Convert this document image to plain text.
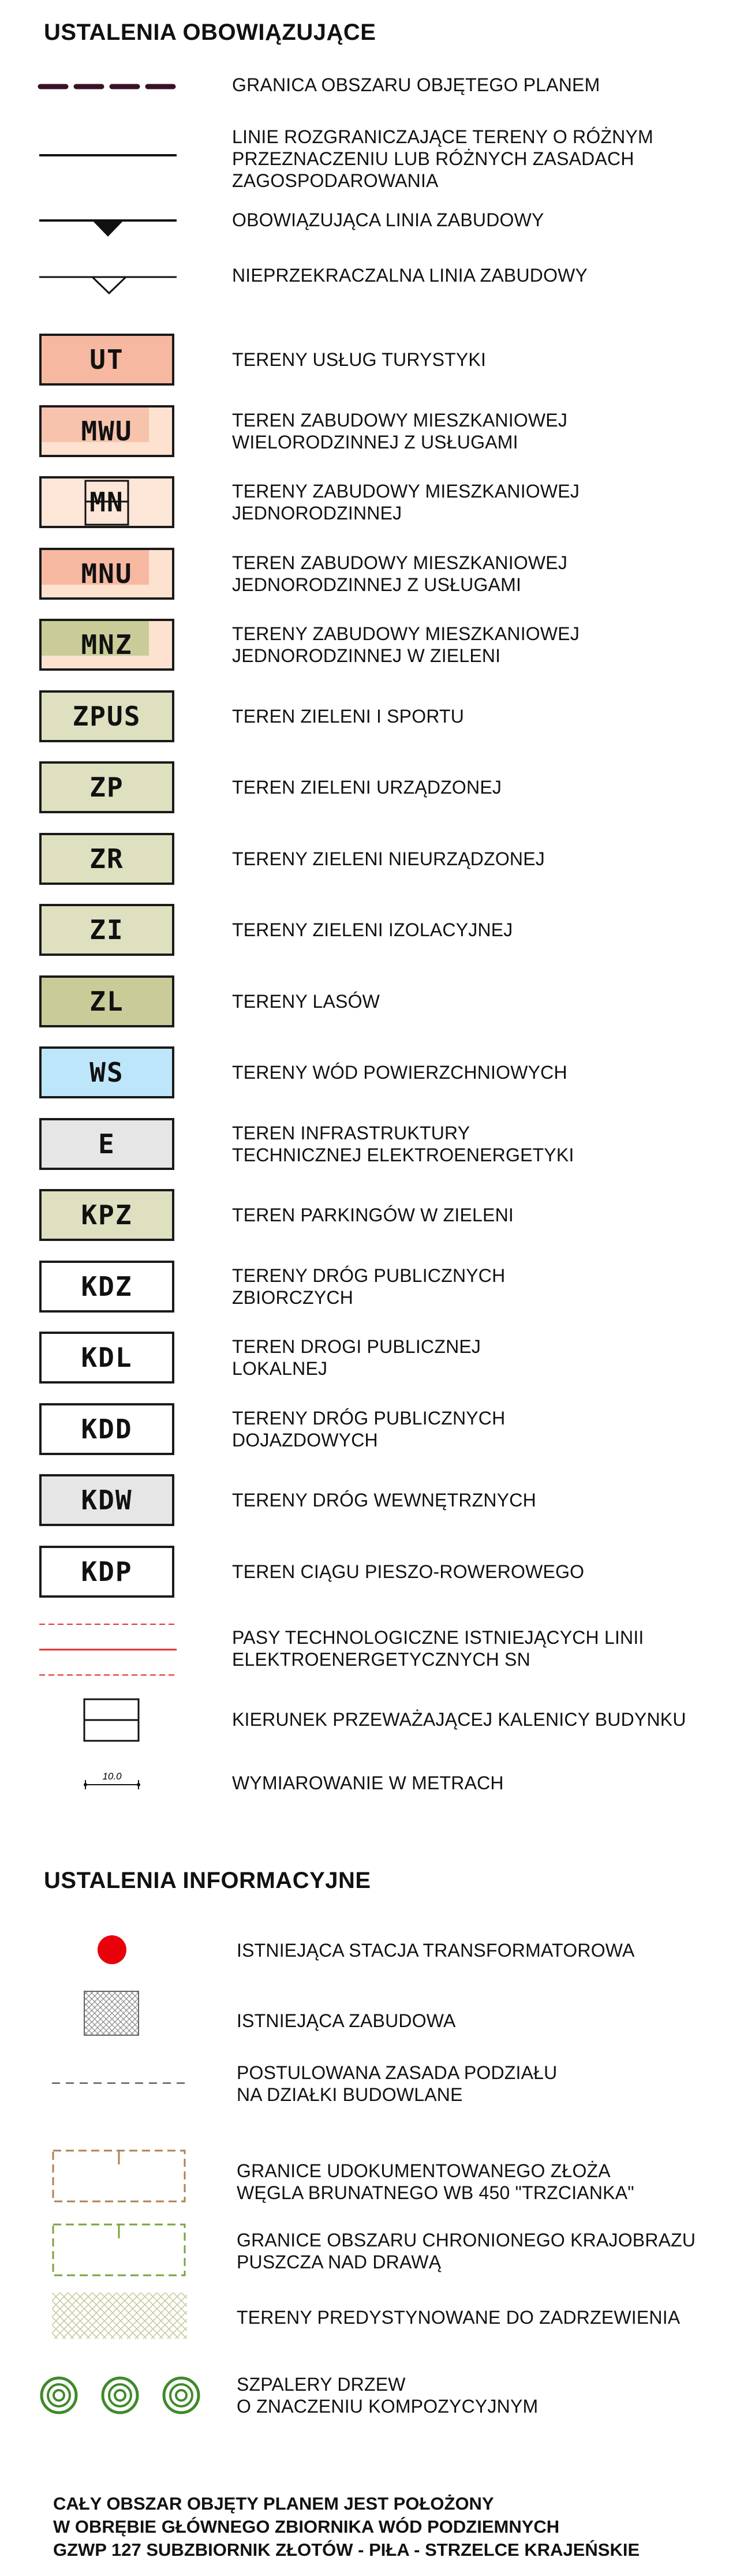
USTALENIA OBOWIĄZUJĄCE
GRANICA OBSZARU OBJĘTEGO PLANEM
LINIE ROZGRANICZAJĄCE TERENY O RÓŻNYM
PRZEZNACZENIU LUB RÓŻNYCH ZASADACH
ZAGOSPODAROWANIA
OBOWIĄZUJĄCA LINIA ZABUDOWY
NIEPRZEKRACZALNA LINIA ZABUDOWY
UT	TERENY USŁUG TURYSTYKI
MWU	TEREN ZABUDOWY MIESZKANIOWEJ
WIELORODZINNEJ Z USŁUGAMI
MN	TERENY ZABUDOWY MIESZKANIOWEJ
JEDNORODZINNEJ
MNU	TEREN ZABUDOWY MIESZKANIOWEJ
JEDNORODZINNEJ Z USŁUGAMI
MNZ	TERENY ZABUDOWY MIESZKANIOWEJ
JEDNORODZINNEJ W ZIELENI
ZPUS	TEREN ZIELENI I SPORTU
ZP	TEREN ZIELENI URZĄDZONEJ
ZR	TERENY ZIELENI NIEURZĄDZONEJ
ZI	TERENY ZIELENI IZOLACYJNEJ
ZL	TERENY LASÓW
WS	TERENY WÓD POWIERZCHNIOWYCH
E	TEREN INFRASTRUKTURY
TECHNICZNEJ ELEKTROENERGETYKI
KPZ	TEREN PARKINGÓW W ZIELENI
KDZ	TERENY DRÓG PUBLICZNYCH
ZBIORCZYCH
KDL	TEREN DROGI PUBLICZNEJ
LOKALNEJ
KDD	TERENY DRÓG PUBLICZNYCH
DOJAZDOWYCH
KDW	TERENY DRÓG WEWNĘTRZNYCH
KDP	TEREN CIĄGU PIESZO-ROWEROWEGO
PASY TECHNOLOGICZNE ISTNIEJĄCYCH LINII
ELEKTROENERGETYCZNYCH SN
KIERUNEK PRZEWAŻAJĄCEJ KALENICY BUDYNKU
10.0	WYMIAROWANIE W METRACH
USTALENIA INFORMACYJNE
ISTNIEJĄCA STACJA TRANSFORMATOROWA
ISTNIEJĄCA ZABUDOWA
POSTULOWANA ZASADA PODZIAŁU
NA DZIAŁKI BUDOWLANE
GRANICE UDOKUMENTOWANEGO ZŁOŻA
WĘGLA BRUNATNEGO WB 450 "TRZCIANKA"
GRANICE OBSZARU CHRONIONEGO KRAJOBRAZU
PUSZCZA NAD DRAWĄ
TERENY PREDYSTYNOWANE DO ZADRZEWIENIA
SZPALERY DRZEW
O ZNACZENIU KOMPOZYCYJNYM
CAŁY OBSZAR OBJĘTY PLANEM JEST POŁOŻONY
W OBRĘBIE GŁÓWNEGO ZBIORNIKA WÓD PODZIEMNYCH
GZWP 127 SUBZBIORNIK ZŁOTÓW - PIŁA - STRZELCE KRAJEŃSKIE
